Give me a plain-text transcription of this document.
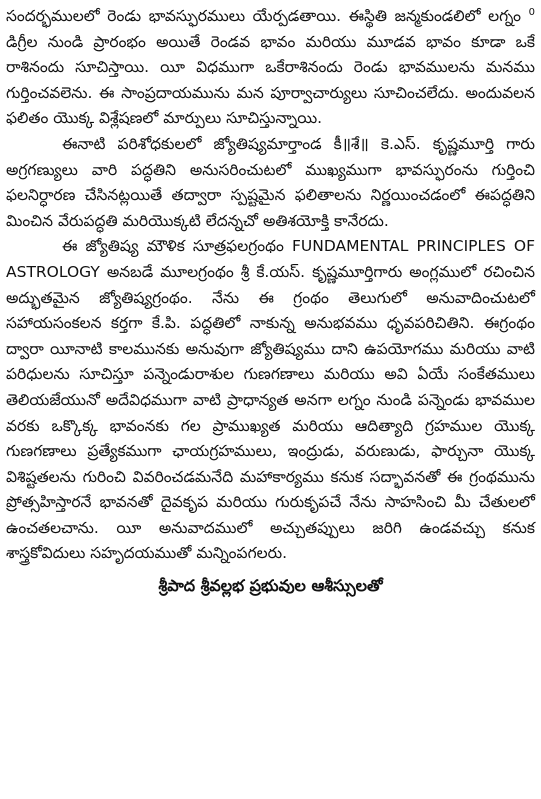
సందర్భములలో రెండు భావస్ఫురములు యేర్పడతాయి. ఈస్థితి జన్మకుండలిలో లగ్నం $^0$ డిగ్రీల నుండి ప్రారంభం అయితే రెండవ భావం మరియు మూడవ భావం కూడా ఒకే రాశినందు సూచిస్తాయి. యీ విధముగా ఒకేరాశినందు రెండు భావములను మనము గుర్తించవలెను. ఈ సాంప్రదాయమును మన పూర్వాచార్యులు సూచించలేదు. అందువలన ఫలితం యొక్క విశ్లేషణలో మార్పులు సూచిస్తున్నాయి.

ఈనాటి పరిశోధకులలో జ్యోతిష్యమార్తాండ కీ॥శే॥ కె.ఎస్. కృష్ణమూర్తి గారు అగ్రగణ్యులు వారి పద్ధతిని అనుసరించుటలో ముఖ్యముగా భావస్ఫురంను గుర్తించి ఫలనిర్ధారణ చేసినట్లయితే తద్వారా స్పష్టమైన ఫలితాలను నిర్ణయించడంలో ఈపద్ధతిని మించిన వేరుపద్ధతి మరియొక్కటి లేదన్నచో అతిశయోక్తి కానేరదు.

ఈ జ్యోతిష్య మౌళిక సూత్రఫలగ్రంథం FUNDAMENTAL PRINCIPLES OF ASTROLOGY అనబడే మూలగ్రంథం శ్రీ కే.యస్. కృష్ణమూర్తిగారు అంగ్లములో రచించిన అద్భుతమైన జ్యోతిష్యగ్రంథం. నేను ఈ గ్రంథం తెలుగులో అనువాదించుటలో సహాయసంకలన కర్తగా కే.పి. పద్ధతిలో నాకున్న అనుభవము ధృవపరిచితిని. ఈగ్రంథం ద్వారా యీనాటి కాలమునకు అనువుగా జ్యోతిష్యము దాని ఉపయోగము మరియు వాటి పరిధులను సూచిస్తూ పన్నెండురాశుల గుణగణాలు మరియు అవి ఏయే సంకేతములు తెలియజేయునో అదేవిధముగా వాటి ప్రాధాన్యత అనగా లగ్నం నుండి పన్నెండు భావముల వరకు ఒక్కొక్క భావంనకు గల ప్రాముఖ్యత మరియు ఆదిత్యాది గ్రహముల యొక్క గుణగణాలు ప్రత్యేకముగా ఛాయగ్రహములు, ఇంద్రుడు, వరుణుడు, ఫార్చునా యొక్క విశిష్టతలను గురించి వివరించడమనేది మహాకార్యము కనుక సద్భావనతో ఈ గ్రంథమును ప్రోత్సహిస్తారనే భావనతో దైవకృప మరియు గురుకృపచే నేను సాహసించి మీ చేతులలో ఉంచతలచాను. యీ అనువాదములో అచ్చుతప్పులు జరిగి ఉండవచ్చు కనుక శాస్త్రకోవిదులు సహృదయముతో మన్నింపగలరు.

శ్రీపాద శ్రీవల్లభ ప్రభువుల ఆశీస్సులతో
